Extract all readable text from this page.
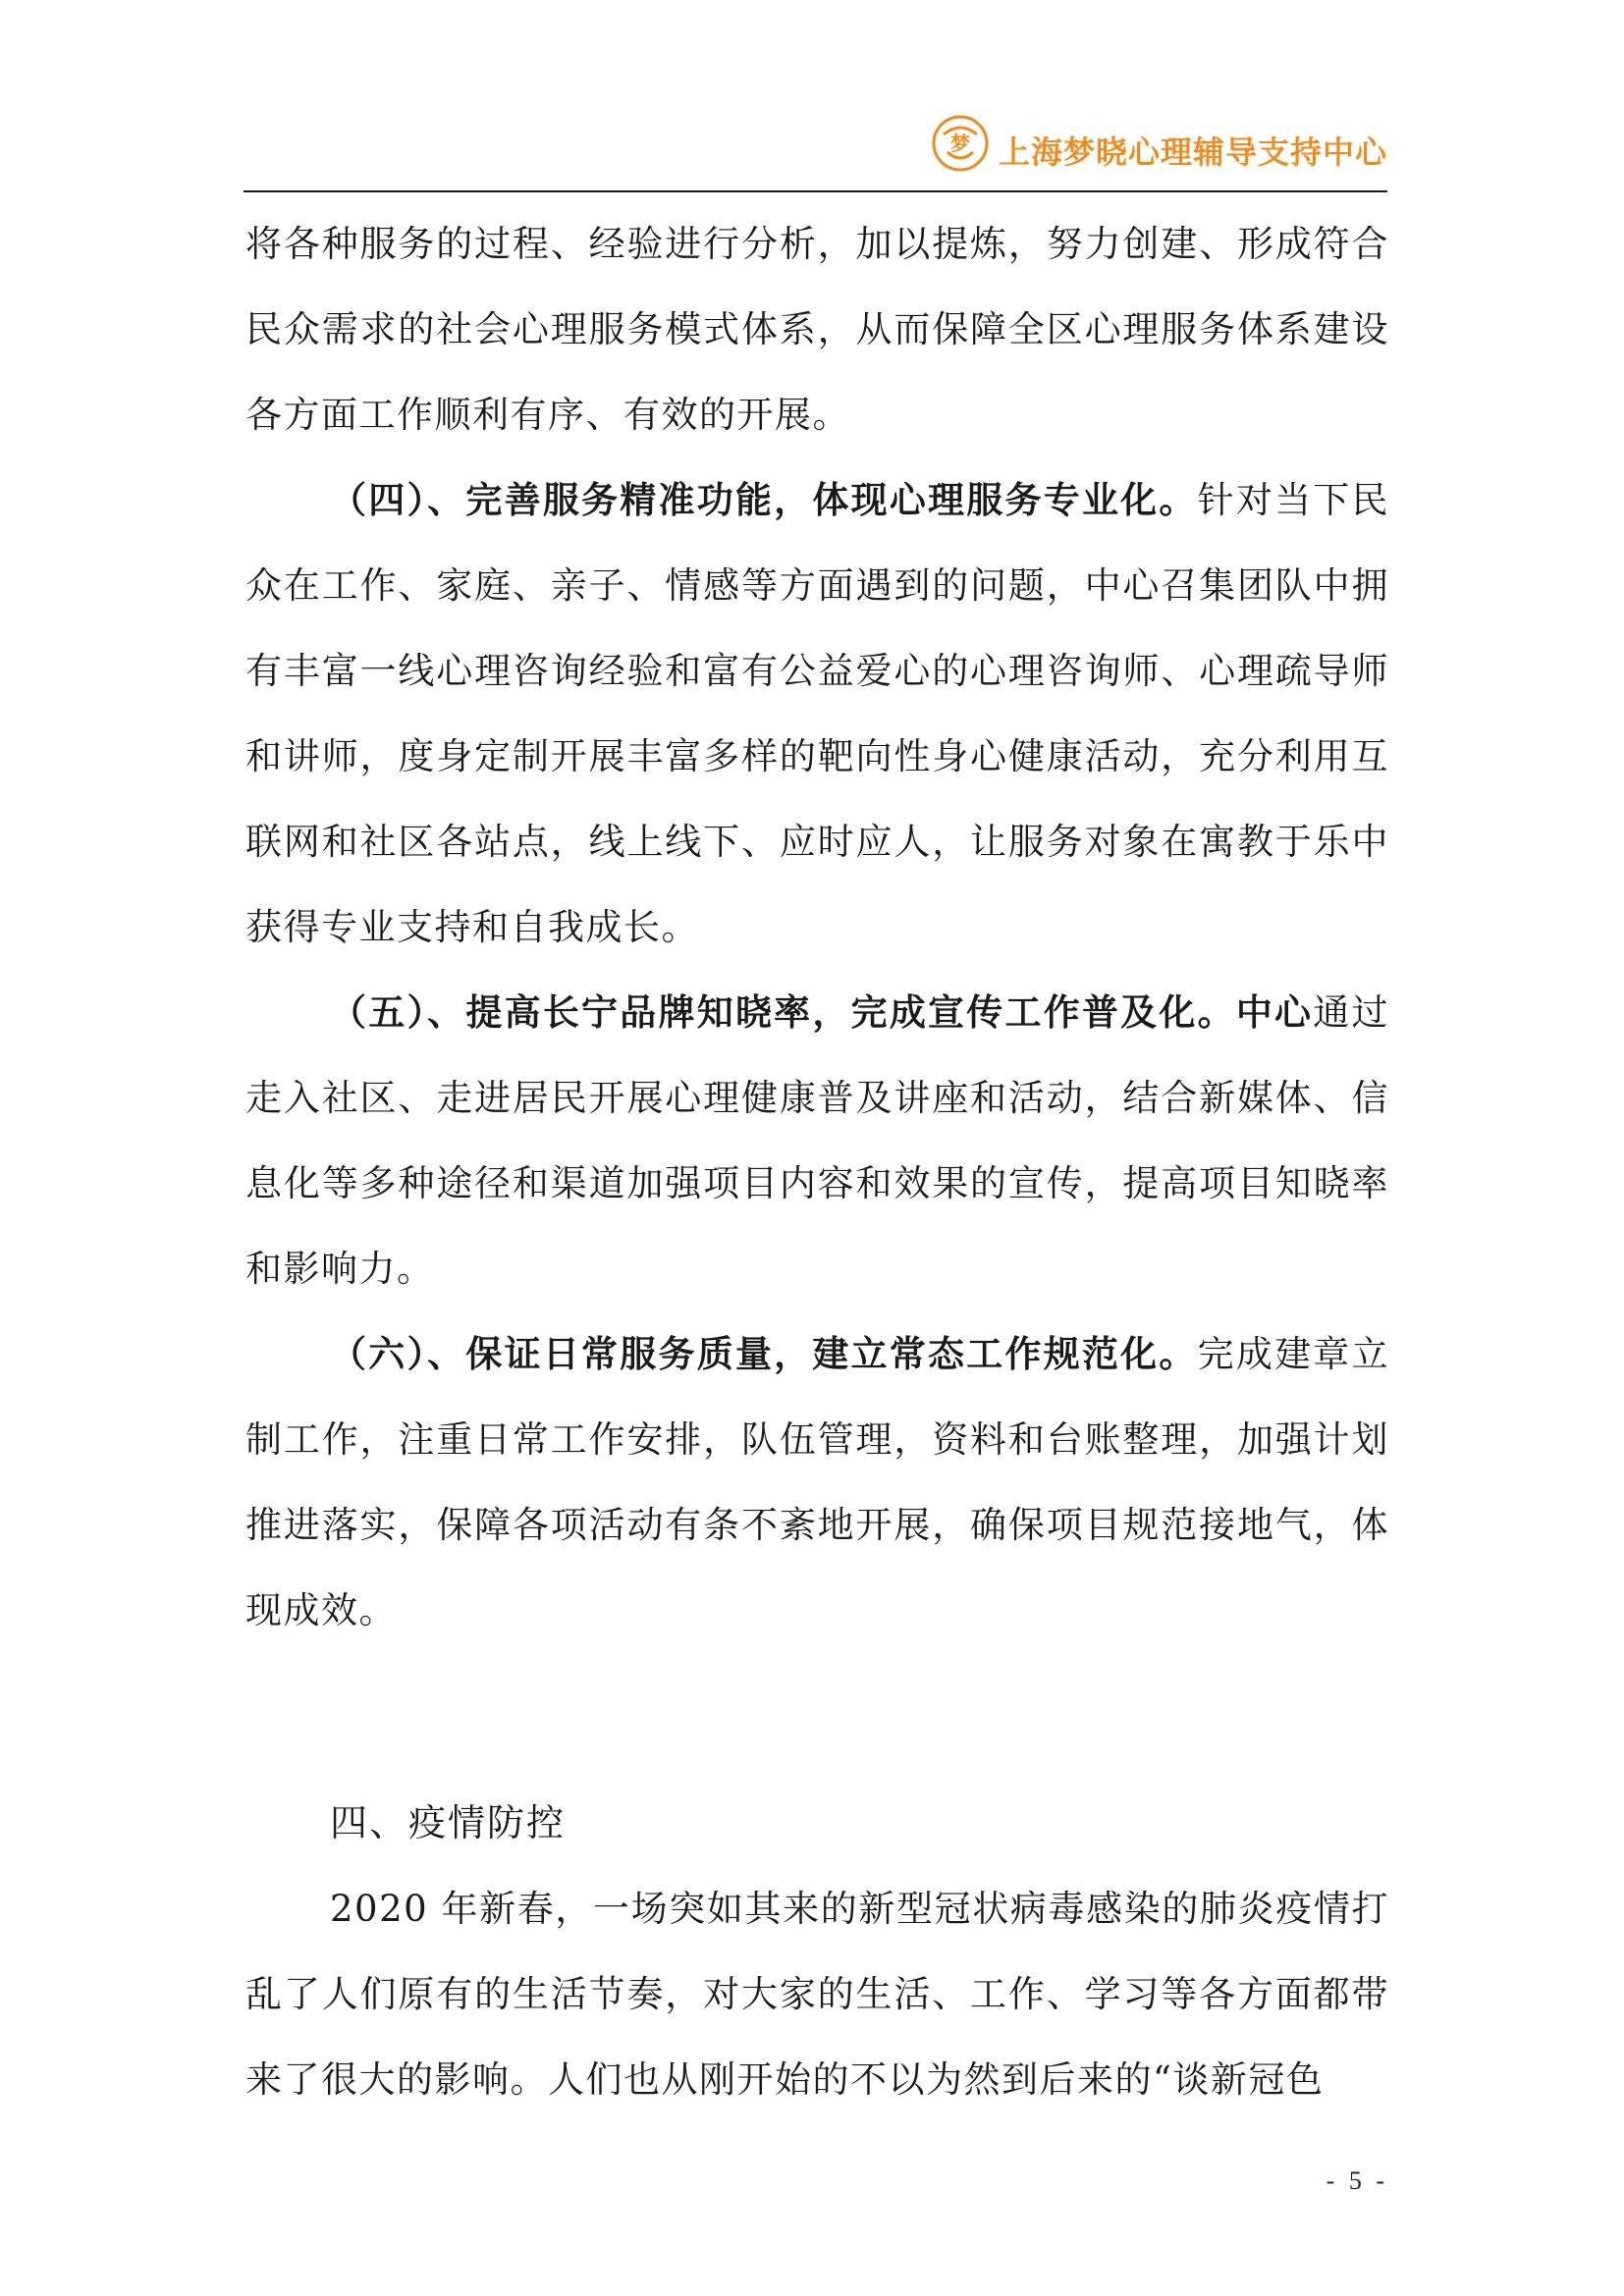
梦 上海梦晓心理辅导支持中心

将各种服务的过程、经验进行分析，加以提炼，努力创建、形成符合民众需求的社会心理服务模式体系，从而保障全区心理服务体系建设各方面工作顺利有序、有效的开展。

（四）、完善服务精准功能，体现心理服务专业化。针对当下民众在工作、家庭、亲子、情感等方面遇到的问题，中心召集团队中拥有丰富一线心理咨询经验和富有公益爱心的心理咨询师、心理疏导师和讲师，度身定制开展丰富多样的靶向性身心健康活动，充分利用互联网和社区各站点，线上线下、应时应人，让服务对象在寓教于乐中获得专业支持和自我成长。

（五）、提高长宁品牌知晓率，完成宣传工作普及化。中心通过走入社区、走进居民开展心理健康普及讲座和活动，结合新媒体、信息化等多种途径和渠道加强项目内容和效果的宣传，提高项目知晓率和影响力。

（六）、保证日常服务质量，建立常态工作规范化。完成建章立制工作，注重日常工作安排，队伍管理，资料和台账整理，加强计划推进落实，保障各项活动有条不紊地开展，确保项目规范接地气，体现成效。

四、疫情防控

2020 年新春，一场突如其来的新型冠状病毒感染的肺炎疫情打乱了人们原有的生活节奏，对大家的生活、工作、学习等各方面都带来了很大的影响。人们也从刚开始的不以为然到后来的“谈新冠色

- 5 -
